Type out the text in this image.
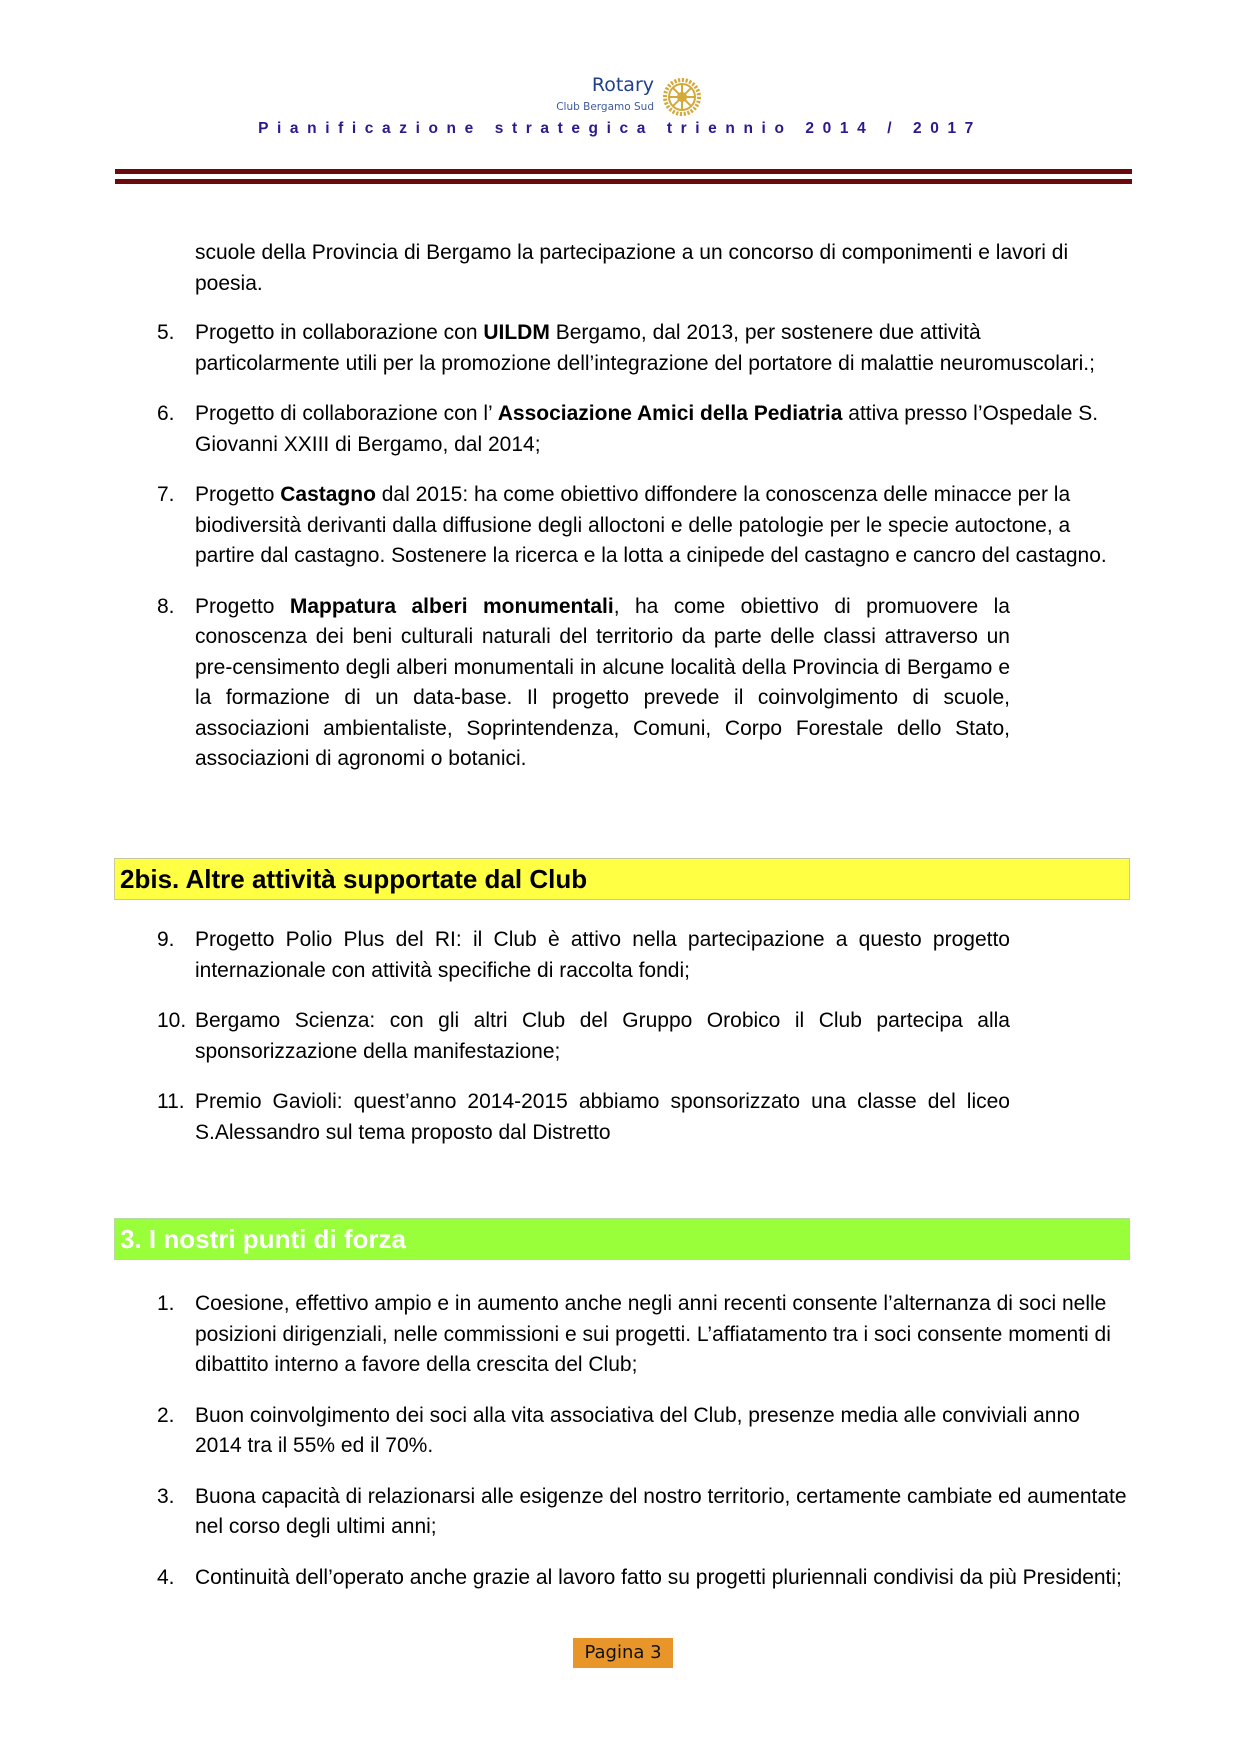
Rotary
Club Bergamo Sud
Pianificazione strategica triennio 2014 / 2017
scuole della Provincia di Bergamo la partecipazione a un concorso di componimenti e lavori di poesia.
5. Progetto in collaborazione con UILDM Bergamo, dal 2013, per sostenere due attività particolarmente utili per la promozione dell’integrazione del portatore di malattie neuromuscolari.;
6. Progetto di collaborazione con l’ Associazione Amici della Pediatria attiva presso l’Ospedale S. Giovanni XXIII di Bergamo, dal 2014;
7. Progetto Castagno dal 2015: ha come obiettivo diffondere la conoscenza delle minacce per la biodiversità derivanti dalla diffusione degli alloctoni e delle patologie per le specie autoctone, a partire dal castagno. Sostenere la ricerca e la lotta a cinipede del castagno e cancro del castagno.
8. Progetto Mappatura alberi monumentali, ha come obiettivo di promuovere la conoscenza dei beni culturali naturali del territorio da parte delle classi attraverso un pre-censimento degli alberi monumentali in alcune località della Provincia di Bergamo e la formazione di un data-base. Il progetto prevede il coinvolgimento di scuole, associazioni ambientaliste, Soprintendenza, Comuni, Corpo Forestale dello Stato, associazioni di agronomi o botanici.
2bis. Altre attività supportate dal Club
9. Progetto Polio Plus del RI: il Club è attivo nella partecipazione a questo progetto internazionale con attività specifiche di raccolta fondi;
10. Bergamo Scienza: con gli altri Club del Gruppo Orobico il Club partecipa alla sponsorizzazione della manifestazione;
11. Premio Gavioli: quest’anno 2014-2015 abbiamo sponsorizzato una classe del liceo S.Alessandro sul tema proposto dal Distretto
3. I nostri punti di forza
1. Coesione, effettivo ampio e in aumento anche negli anni recenti consente l’alternanza di soci nelle posizioni dirigenziali, nelle commissioni e sui progetti. L’affiatamento tra i soci consente momenti di dibattito interno a favore della crescita del Club;
2. Buon coinvolgimento dei soci alla vita associativa del Club, presenze media alle conviviali anno 2014 tra il 55% ed il 70%.
3. Buona capacità di relazionarsi alle esigenze del nostro territorio, certamente cambiate ed aumentate nel corso degli ultimi anni;
4. Continuità dell’operato anche grazie al lavoro fatto su progetti pluriennali condivisi da più Presidenti;
Pagina 3
